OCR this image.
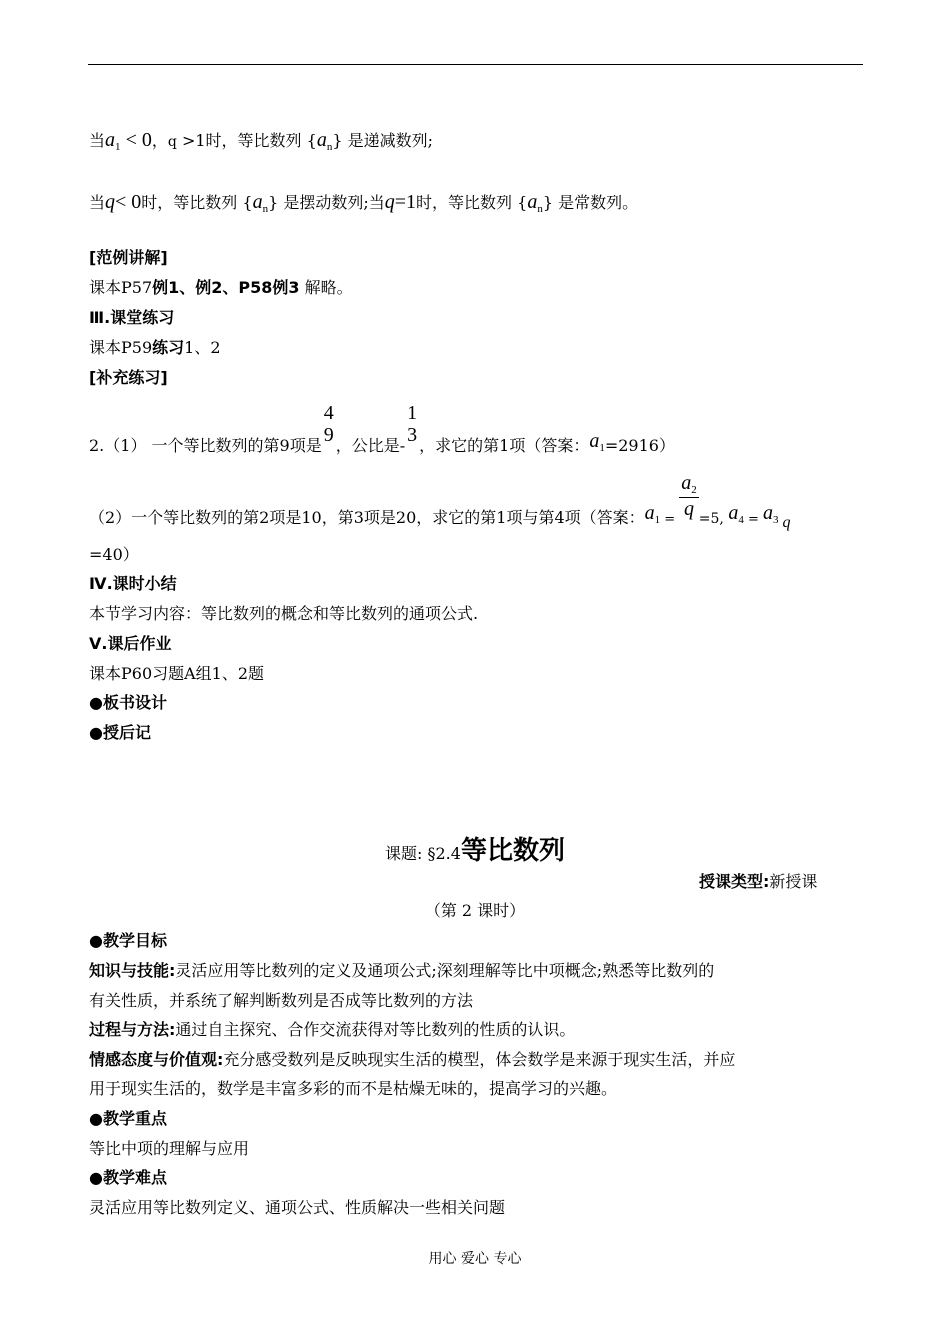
当$a_1 < 0$，q >1时，等比数列 $\{a_n\}$ 是递减数列;
当q< 0时，等比数列 $\{a_n\}$ 是摆动数列;当q=1时，等比数列 $\{a_n\}$ 是常数列。
[范例讲解]
课本P57例1、例2、P58例3 解略。
Ⅲ.课堂练习
课本P59练习1、2
[补充练习]
2.（1） 一个等比数列的第9项是
4
9 ，公比是-
1
3 ，求它的第1项（答案：$a_1=2916$）
（2）一个等比数列的第2项是10，第3项是20，求它的第1项与第4项（答案：$a_1$ $_= \frac{a_2}{q} =5$, $a_4$ $_=$ $a_3$ q
=40）
Ⅳ.课时小结
本节学习内容：等比数列的概念和等比数列的通项公式.
Ⅴ.课后作业
课本P60习题A组1、2题
●板书设计
●授后记
课题: §2.4等比数列
授课类型:新授课
（第 2 课时）
●教学目标
知识与技能:灵活应用等比数列的定义及通项公式;深刻理解等比中项概念;熟悉等比数列的
有关性质，并系统了解判断数列是否成等比数列的方法
过程与方法:通过自主探究、合作交流获得对等比数列的性质的认识。
情感态度与价值观:充分感受数列是反映现实生活的模型，体会数学是来源于现实生活，并应
用于现实生活的，数学是丰富多彩的而不是枯燥无味的，提高学习的兴趣。
●教学重点
等比中项的理解与应用
●教学难点
灵活应用等比数列定义、通项公式、性质解决一些相关问题
用心 爱心 专心
